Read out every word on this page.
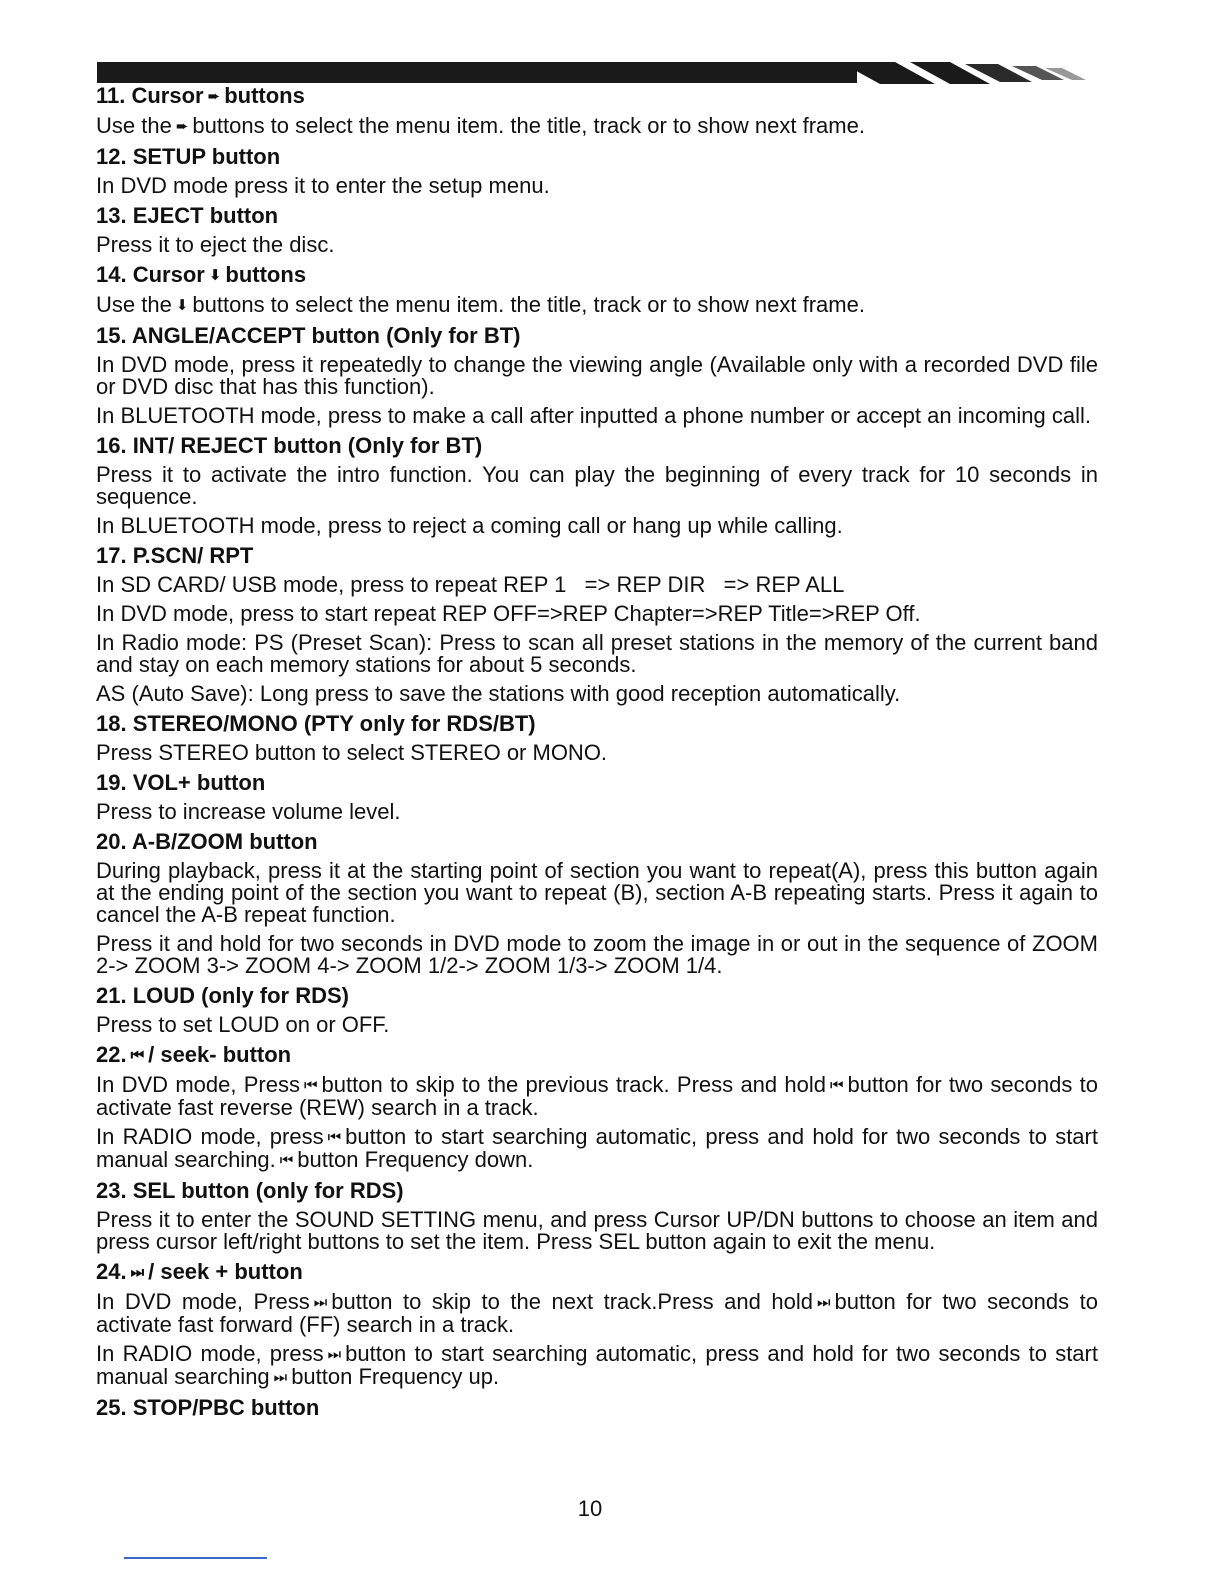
11. Cursor ➨ buttons

Use the ➨ buttons to select the menu item. the title, track or to show next frame.

12. SETUP button

In DVD mode press it to enter the setup menu.

13. EJECT button

Press it to eject the disc.

14. Cursor ⬇ buttons

Use the ⬇ buttons to select the menu item. the title, track or to show next frame.

15. ANGLE/ACCEPT button (Only for BT)

In DVD mode, press it repeatedly to change the viewing angle (Available only with a recorded DVD file or DVD disc that has this function).

In BLUETOOTH mode, press to make a call after inputted a phone number or accept an incoming call.

16. INT/ REJECT button (Only for BT)

Press it to activate the intro function. You can play the beginning of every track for 10 seconds in sequence.

In BLUETOOTH mode, press to reject a coming call or hang up while calling.

17. P.SCN/ RPT

In SD CARD/ USB mode, press to repeat REP 1   => REP DIR   => REP ALL

In DVD mode, press to start repeat REP OFF=>REP Chapter=>REP Title=>REP Off.

In Radio mode: PS (Preset Scan): Press to scan all preset stations in the memory of the current band and stay on each memory stations for about 5 seconds.

AS (Auto Save): Long press to save the stations with good reception automatically.

18. STEREO/MONO (PTY only for RDS/BT)

Press STEREO button to select STEREO or MONO.

19. VOL+ button

Press to increase volume level.

20. A-B/ZOOM button

During playback, press it at the starting point of section you want to repeat(A), press this button again at the ending point of the section you want to repeat (B), section A-B repeating starts. Press it again to cancel the A-B repeat function.

Press it and hold for two seconds in DVD mode to zoom the image in or out in the sequence of ZOOM 2-> ZOOM 3-> ZOOM 4-> ZOOM 1/2-> ZOOM 1/3-> ZOOM 1/4.

21. LOUD (only for RDS)

Press to set LOUD on or OFF.

22. ⏮ / seek- button

In DVD mode, Press ⏮ button to skip to the previous track. Press and hold ⏮ button for two seconds to activate fast reverse (REW) search in a track.

In RADIO mode, press ⏮ button to start searching automatic, press and hold for two seconds to start manual searching. ⏮ button Frequency down.

23. SEL button (only for RDS)

Press it to enter the SOUND SETTING menu, and press Cursor UP/DN buttons to choose an item and press cursor left/right buttons to set the item. Press SEL button again to exit the menu.

24. ⏭ / seek + button

In DVD mode, Press ⏭ button to skip to the next track.Press and hold ⏭ button for two seconds to activate fast forward (FF) search in a track.

In RADIO mode, press ⏭ button to start searching automatic, press and hold for two seconds to start manual searching ⏭ button Frequency up.

25. STOP/PBC button

10
